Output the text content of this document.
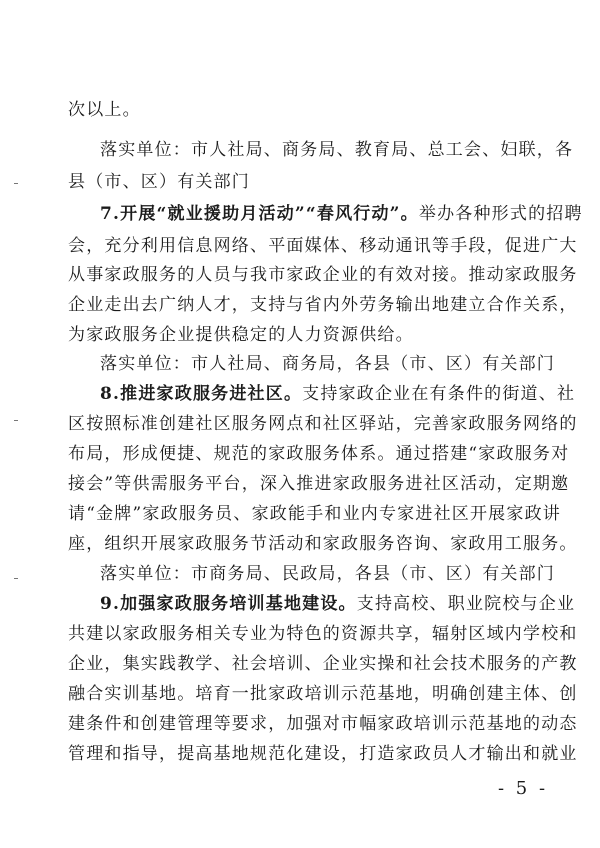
次以上。
落实单位：市人社局、商务局、教育局、总工会、妇联，各
县（市、区）有关部门
7.开展“就业援助月活动”“春风行动”。举办各种形式的招聘
会，充分利用信息网络、平面媒体、移动通讯等手段，促进广大
从事家政服务的人员与我市家政企业的有效对接。推动家政服务
企业走出去广纳人才，支持与省内外劳务输出地建立合作关系，
为家政服务企业提供稳定的人力资源供给。
落实单位：市人社局、商务局，各县（市、区）有关部门
8.推进家政服务进社区。支持家政企业在有条件的街道、社
区按照标准创建社区服务网点和社区驿站，完善家政服务网络的
布局，形成便捷、规范的家政服务体系。通过搭建“家政服务对
接会”等供需服务平台，深入推进家政服务进社区活动，定期邀
请“金牌”家政服务员、家政能手和业内专家进社区开展家政讲
座，组织开展家政服务节活动和家政服务咨询、家政用工服务。
落实单位：市商务局、民政局，各县（市、区）有关部门
9.加强家政服务培训基地建设。支持高校、职业院校与企业
共建以家政服务相关专业为特色的资源共享，辐射区域内学校和
企业，集实践教学、社会培训、企业实操和社会技术服务的产教
融合实训基地。培育一批家政培训示范基地，明确创建主体、创
建条件和创建管理等要求，加强对市幅家政培训示范基地的动态
管理和指导，提高基地规范化建设，打造家政员人才输出和就业
- 5 -
